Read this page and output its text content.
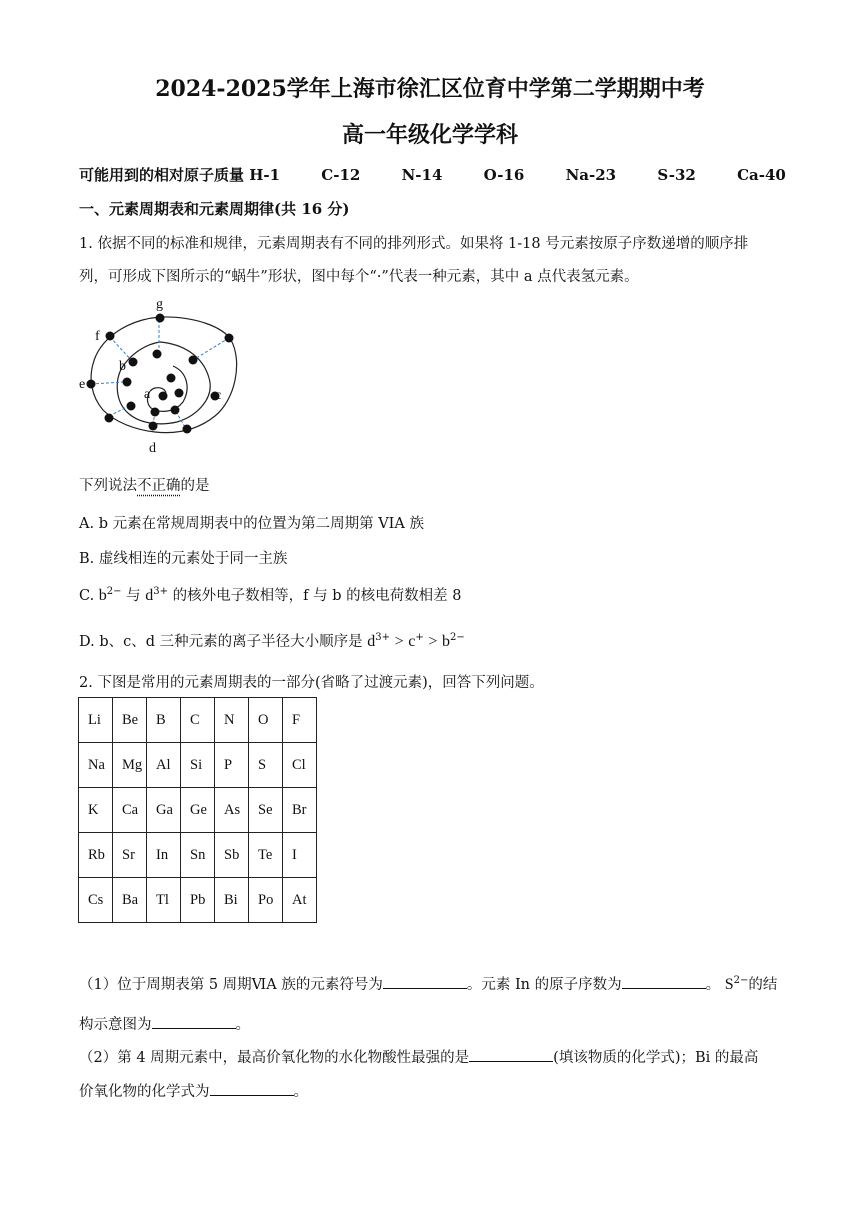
2024-2025学年上海市徐汇区位育中学第二学期期中考
高一年级化学学科
可能用到的相对原子质量 H-1	C-12	N-14	O-16	Na-23	S-32	Ca-40
一、元素周期表和元素周期律(共 16 分)
1. 依据不同的标准和规律，元素周期表有不同的排列形式。如果将 1-18 号元素按原子序数递增的顺序排
列，可形成下图所示的“蜗牛”形状，图中每个“·”代表一种元素，其中 a 点代表氢元素。
g
f
b
e
a	c
d
下列说法不正确的是
A. b 元素在常规周期表中的位置为第二周期第 VIA 族
B. 虚线相连的元素处于同一主族
C. $b^{2-}$ 与 $d^{3+}$ 的核外电子数相等，f 与 b 的核电荷数相差 8
D. b、c、d 三种元素的离子半径大小顺序是 $d^{3+} > c^+ > b^{2-}$
2. 下图是常用的元素周期表的一部分(省略了过渡元素)，回答下列问题。
Li	Be	B	C	N	O	F
Na	Mg	Al	Si	P	S	Cl
K	Ca	Ga	Ge	As	Se	Br
Rb	Sr	In	Sn	Sb	Te	I
Cs	Ba	Tl	Pb	Bi	Po	At
（1）位于周期表第 5 周期ⅥA 族的元素符号为	。元素 In 的原子序数为	。 $S^{2-}$的结
构示意图为	。
（2）第 4 周期元素中，最高价氧化物的水化物酸性最强的是	(填该物质的化学式)；Bi 的最高
价氧化物的化学式为	。
